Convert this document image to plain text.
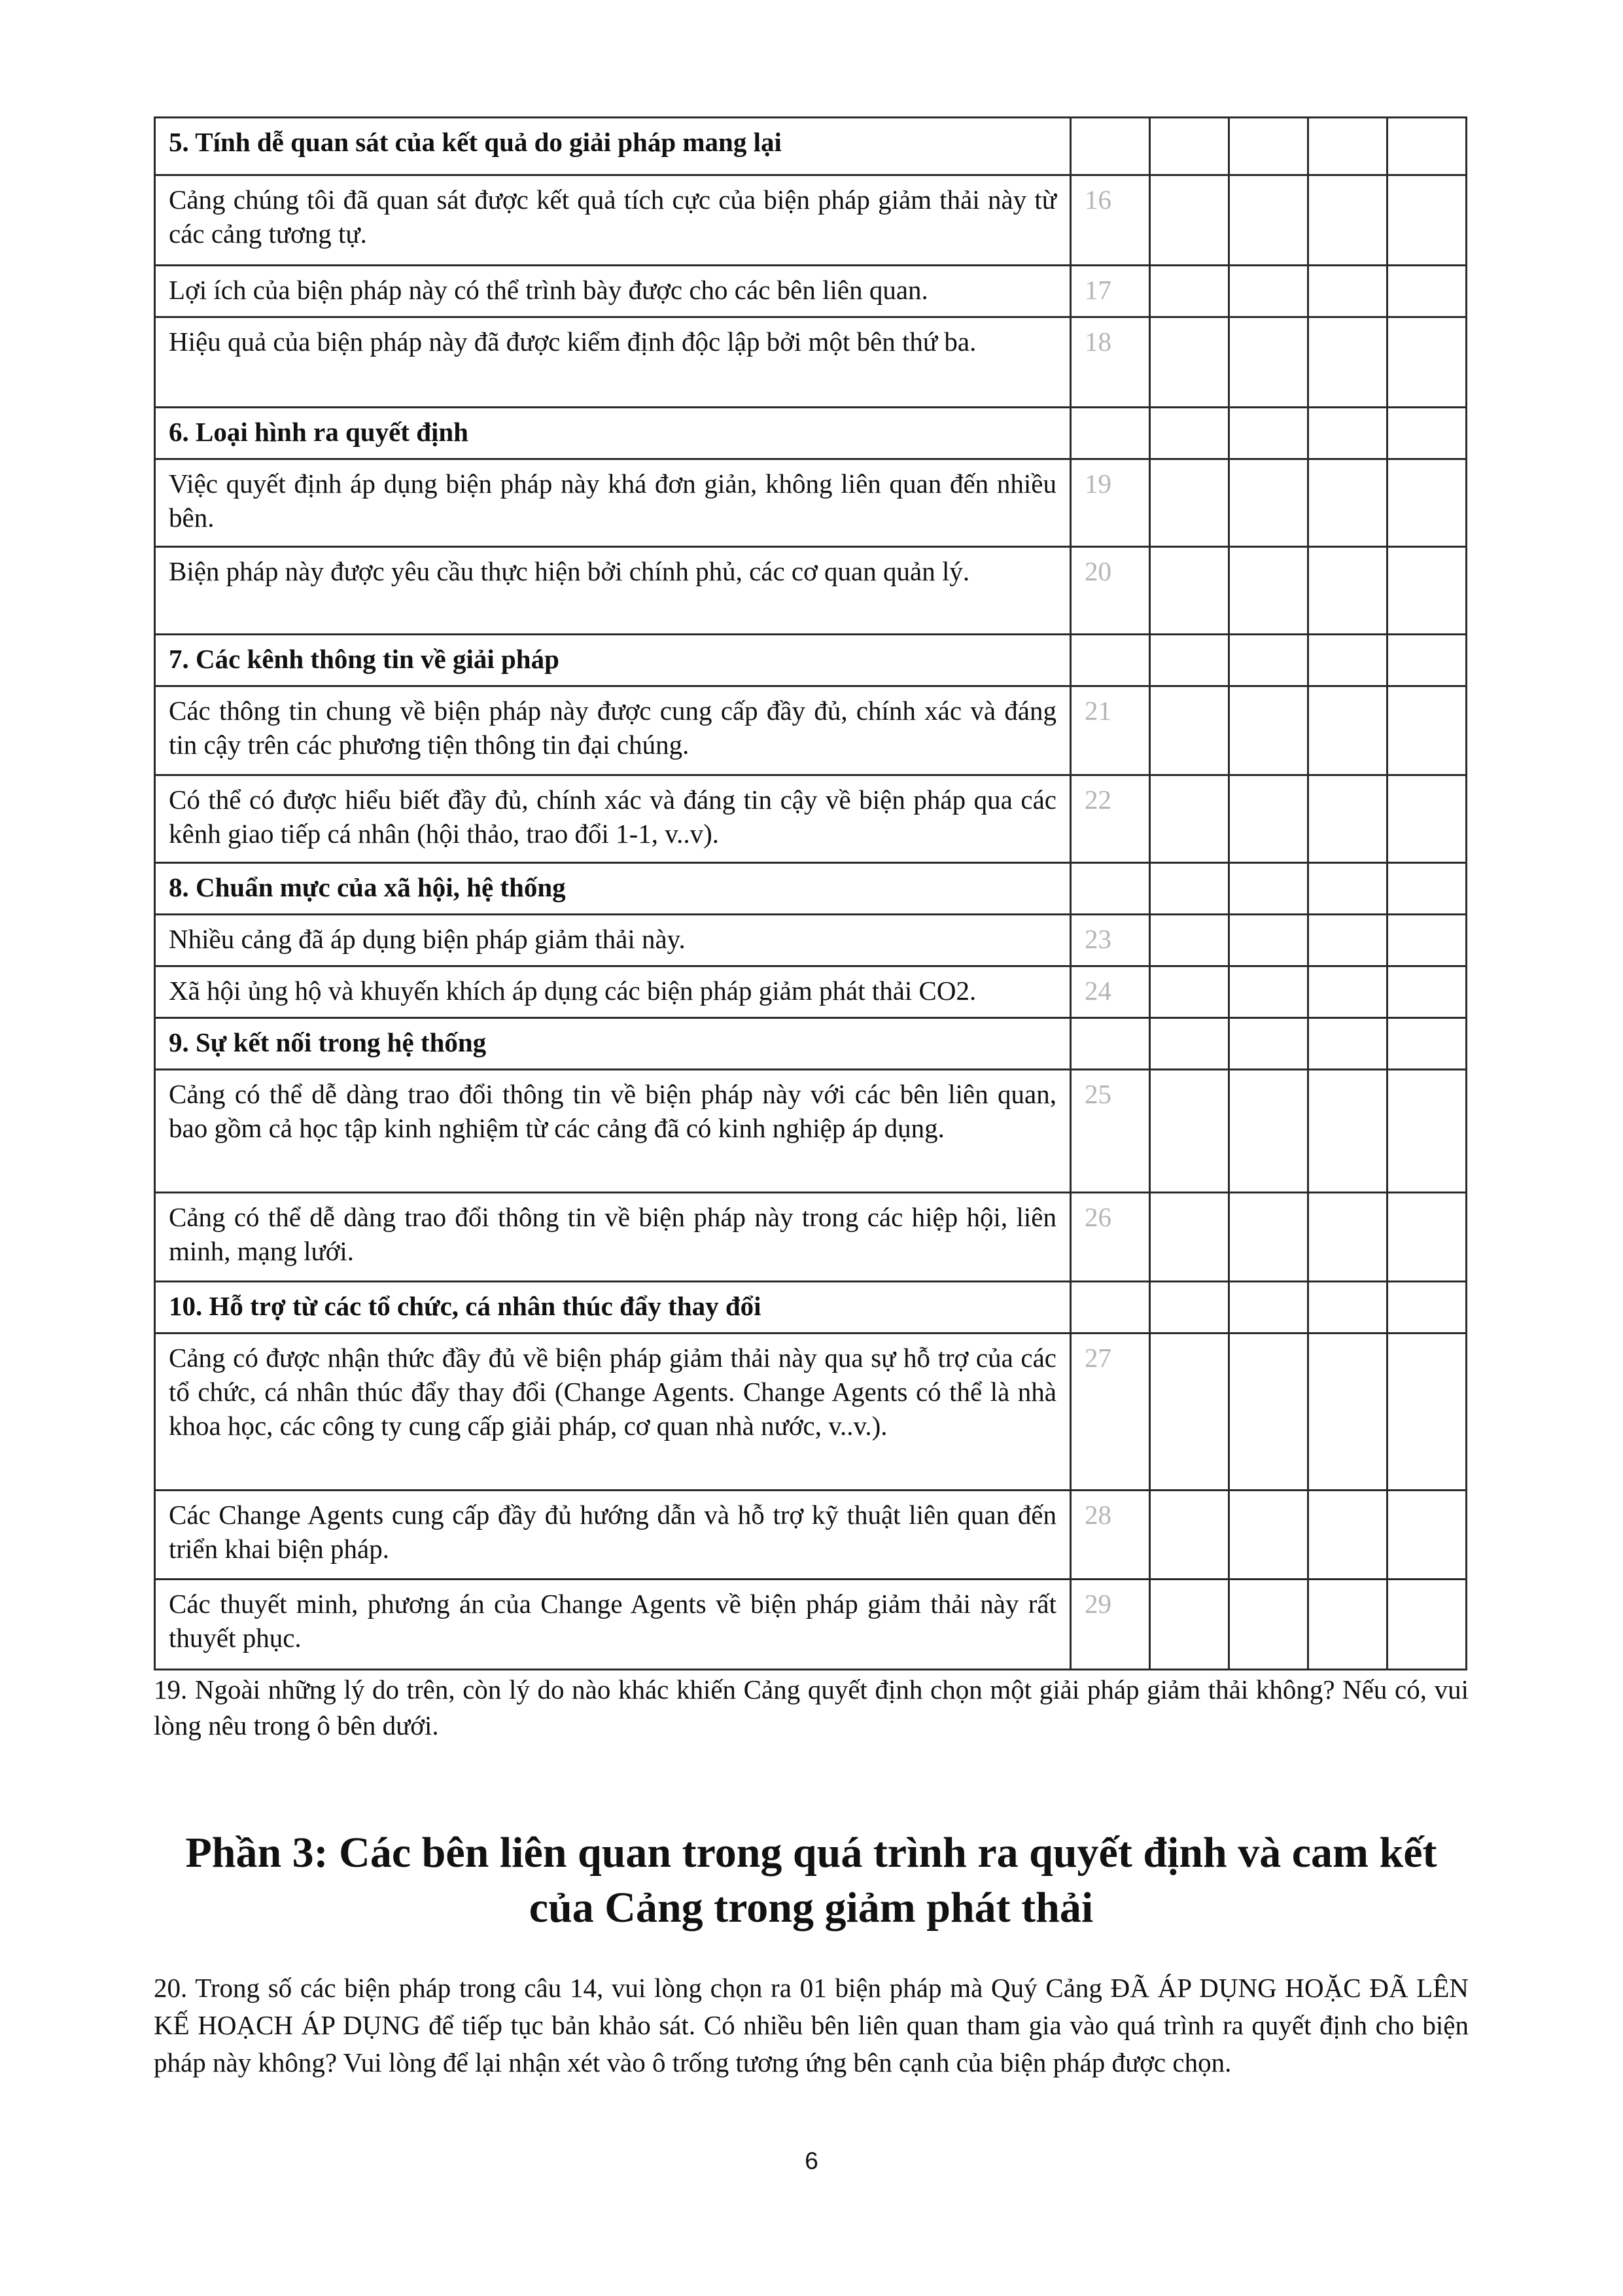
5. Tính dễ quan sát của kết quả do giải pháp mang lại					
Cảng chúng tôi đã quan sát được kết quả tích cực của biện pháp giảm thải này từ các cảng tương tự.	16				
Lợi ích của biện pháp này có thể trình bày được cho các bên liên quan.	17				
Hiệu quả của biện pháp này đã được kiểm định độc lập bởi một bên thứ ba.	18				
6. Loại hình ra quyết định					
Việc quyết định áp dụng biện pháp này khá đơn giản, không liên quan đến nhiều bên.	19				
Biện pháp này được yêu cầu thực hiện bởi chính phủ, các cơ quan quản lý.	20				
7. Các kênh thông tin về giải pháp					
Các thông tin chung về biện pháp này được cung cấp đầy đủ, chính xác và đáng tin cậy trên các phương tiện thông tin đại chúng.	21				
Có thể có được hiểu biết đầy đủ, chính xác và đáng tin cậy về biện pháp qua các kênh giao tiếp cá nhân (hội thảo, trao đổi 1-1, v..v).	22				
8. Chuẩn mực của xã hội, hệ thống					
Nhiều cảng đã áp dụng biện pháp giảm thải này.	23				
Xã hội ủng hộ và khuyến khích áp dụng các biện pháp giảm phát thải CO2.	24				
9. Sự kết nối trong hệ thống					
Cảng có thể dễ dàng trao đổi thông tin về biện pháp này với các bên liên quan, bao gồm cả học tập kinh nghiệm từ các cảng đã có kinh nghiệp áp dụng.	25				
Cảng có thể dễ dàng trao đổi thông tin về biện pháp này trong các hiệp hội, liên minh, mạng lưới.	26				
10. Hỗ trợ từ các tổ chức, cá nhân thúc đẩy thay đổi					
Cảng có được nhận thức đầy đủ về biện pháp giảm thải này qua sự hỗ trợ của các tổ chức, cá nhân thúc đẩy thay đổi (Change Agents. Change Agents có thể là nhà khoa học, các công ty cung cấp giải pháp, cơ quan nhà nước, v..v.).	27				
Các Change Agents cung cấp đầy đủ hướng dẫn và hỗ trợ kỹ thuật liên quan đến triển khai biện pháp.	28				
Các thuyết minh, phương án của Change Agents về biện pháp giảm thải này rất thuyết phục.	29				

19. Ngoài những lý do trên, còn lý do nào khác khiến Cảng quyết định chọn một giải pháp giảm thải không? Nếu có, vui lòng nêu trong ô bên dưới.

Phần 3: Các bên liên quan trong quá trình ra quyết định và cam kết
của Cảng trong giảm phát thải

20. Trong số các biện pháp trong câu 14, vui lòng chọn ra 01 biện pháp mà Quý Cảng ĐÃ ÁP DỤNG HOẶC ĐÃ LÊN KẾ HOẠCH ÁP DỤNG để tiếp tục bản khảo sát. Có nhiều bên liên quan tham gia vào quá trình ra quyết định cho biện pháp này không? Vui lòng để lại nhận xét vào ô trống tương ứng bên cạnh của biện pháp được chọn.

6
